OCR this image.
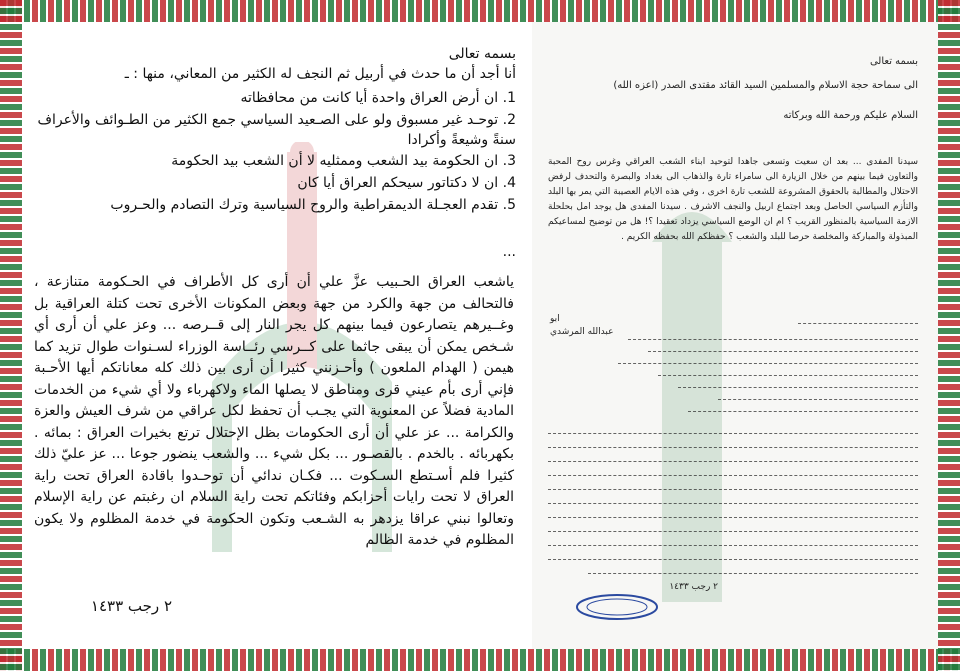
بسمه تعالى
أنا أجد أن ما حدث في أربيل ثم النجف له الكثير من المعاني، منها : ـ
1. ان أرض العراق واحدة أيا كانت من محافظاته
2. توحـد غير مسبوق ولو على الصـعيد السياسي جمع الكثير من الطـوائف والأعراف سنةً وشيعةً وأكرادا
3. ان الحكومة بيد الشعب وممثليه لا أن الشعب بيد الحكومة
4. ان لا دكتاتور سيحكم العراق أيا كان
5. تقدم العجـلة الديمقراطية والروح السياسية وترك التصادم والحـروب
...
ياشعب العراق الحـبيب عزَّ علي أن أرى كل الأطراف في الحـكومة متنازعة ، فالتحالف من جهة والكرد من جهة وبعض المكونات الأخرى تحت كتلة العراقية بل وغــيرهم يتصارعون فيما بينهم كل يجر النار إلى قــرصه ... وعز علي أن أرى أي شـخص يمكن أن يبقى جاثما على كــرسي رئــاسة الوزراء لسـنوات طوال تزيد كما هيمن ( الهدام الملعون ) وأحـزنني كثيرا أن أرى بين ذلك كله معاناتكم أيها الأحـبة فإني أرى بأم عيني قرى ومناطق لا يصلها الماء ولاكهرباء ولا أي شيء من الخدمات المادية فضلاً عن المعنوية التي يجـب أن تحفظ لكل عراقي من شرف العيش والعزة والكرامة ... عز علي أن أرى الحكومات بظل الإحتلال ترتع بخيرات العراق : بمائه . بكهربائه . بالخدم . بالقصـور ... بكل شيء ... والشعب ينضور جوعا ... عز عليّ ذلك كثيرا فلم أسـتطع السـكوت ... فكـان ندائي أن توحـدوا باقادة العراق تحت راية العراق لا تحت رايات أحزابكم وفئاتكم تحت راية السلام ان رغبتم عن راية الإسلام وتعالوا نبني عراقا يزدهر به الشـعب وتكون الحكومة في خدمة المظلوم ولا يكون المظلوم في خدمة الظالم
٢ رجب ١٤٣٣
بسمه تعالى
الى سماحة حجة الاسلام والمسلمين السيد القائد مقتدى الصدر (اعزه الله)
السلام عليكم ورحمة الله وبركاته
سيدنا المفدى ... بعد ان سعيت وتسعى جاهدا لتوحيد ابناء الشعب العراقي وغرس روح المحبة والتعاون فيما بينهم من خلال الزيارة الى سامراء تارة والذهاب الى بغداد والبصرة والتحدف لرفض الاحتلال والمطالبة بالحقوق المشروعة للشعب تارة اخرى ، وفي هذه الايام العصيبة التي يمر بها البلد والتأزم السياسي الحاصل وبعد اجتماع اربيل والنجف الاشرف . سيدنا المفدى هل يوجد امل بحلحلة الازمة السياسية بالمنظور القريب ؟ ام ان الوضع السياسي يزداد تعقيدا ؟! هل من توضيح لمساعيكم المبذولة والمباركة والمخلصة حرصا للبلد والشعب ؟ حفظكم الله بحفظه الكريم .
ابو
عبدالله المرشدي
٢ رجب ١٤٣٣
